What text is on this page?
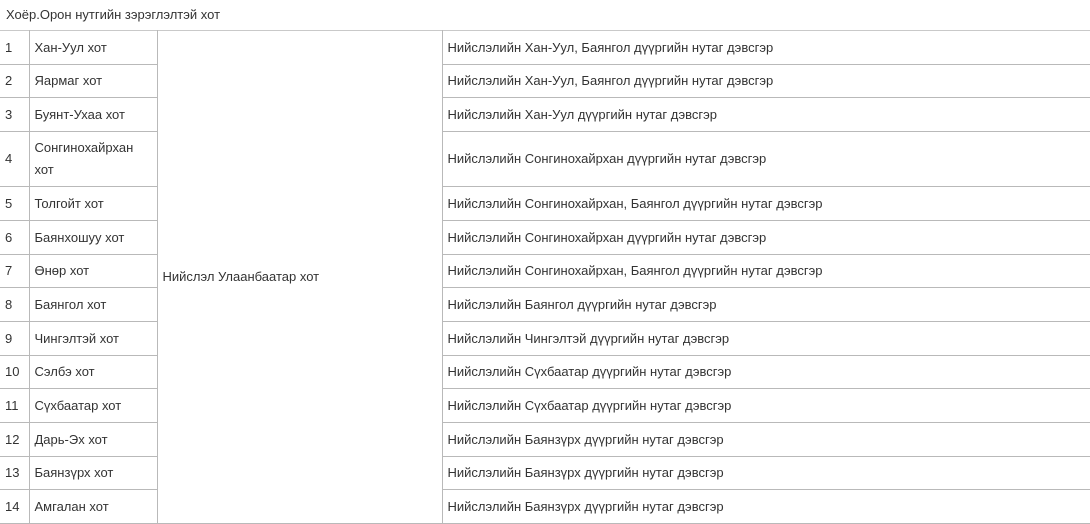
Хоёр.Орон нутгийн зэрэглэлтэй хот
1	Хан-Уул хот	Нийслэл Улаанбаатар хот	Нийслэлийн Хан-Уул, Баянгол дүүргийн нутаг дэвсгэр
2	Яармаг хот		Нийслэлийн Хан-Уул, Баянгол дүүргийн нутаг дэвсгэр
3	Буянт-Ухаа хот		Нийслэлийн Хан-Уул дүүргийн нутаг дэвсгэр
4	Сонгинохайрхан хот		Нийслэлийн Сонгинохайрхан дүүргийн нутаг дэвсгэр
5	Толгойт хот		Нийслэлийн Сонгинохайрхан, Баянгол дүүргийн нутаг дэвсгэр
6	Баянхошуу хот		Нийслэлийн Сонгинохайрхан дүүргийн нутаг дэвсгэр
7	Өнөр хот		Нийслэлийн Сонгинохайрхан, Баянгол дүүргийн нутаг дэвсгэр
8	Баянгол хот		Нийслэлийн Баянгол дүүргийн нутаг дэвсгэр
9	Чингэлтэй хот		Нийслэлийн Чингэлтэй дүүргийн нутаг дэвсгэр
10	Сэлбэ хот		Нийслэлийн Сүхбаатар дүүргийн нутаг дэвсгэр
11	Сүхбаатар хот		Нийслэлийн Сүхбаатар дүүргийн нутаг дэвсгэр
12	Дарь-Эх хот		Нийслэлийн Баянзүрх дүүргийн нутаг дэвсгэр
13	Баянзүрх хот		Нийслэлийн Баянзүрх дүүргийн нутаг дэвсгэр
14	Амгалан хот		Нийслэлийн Баянзүрх дүүргийн нутаг дэвсгэр
